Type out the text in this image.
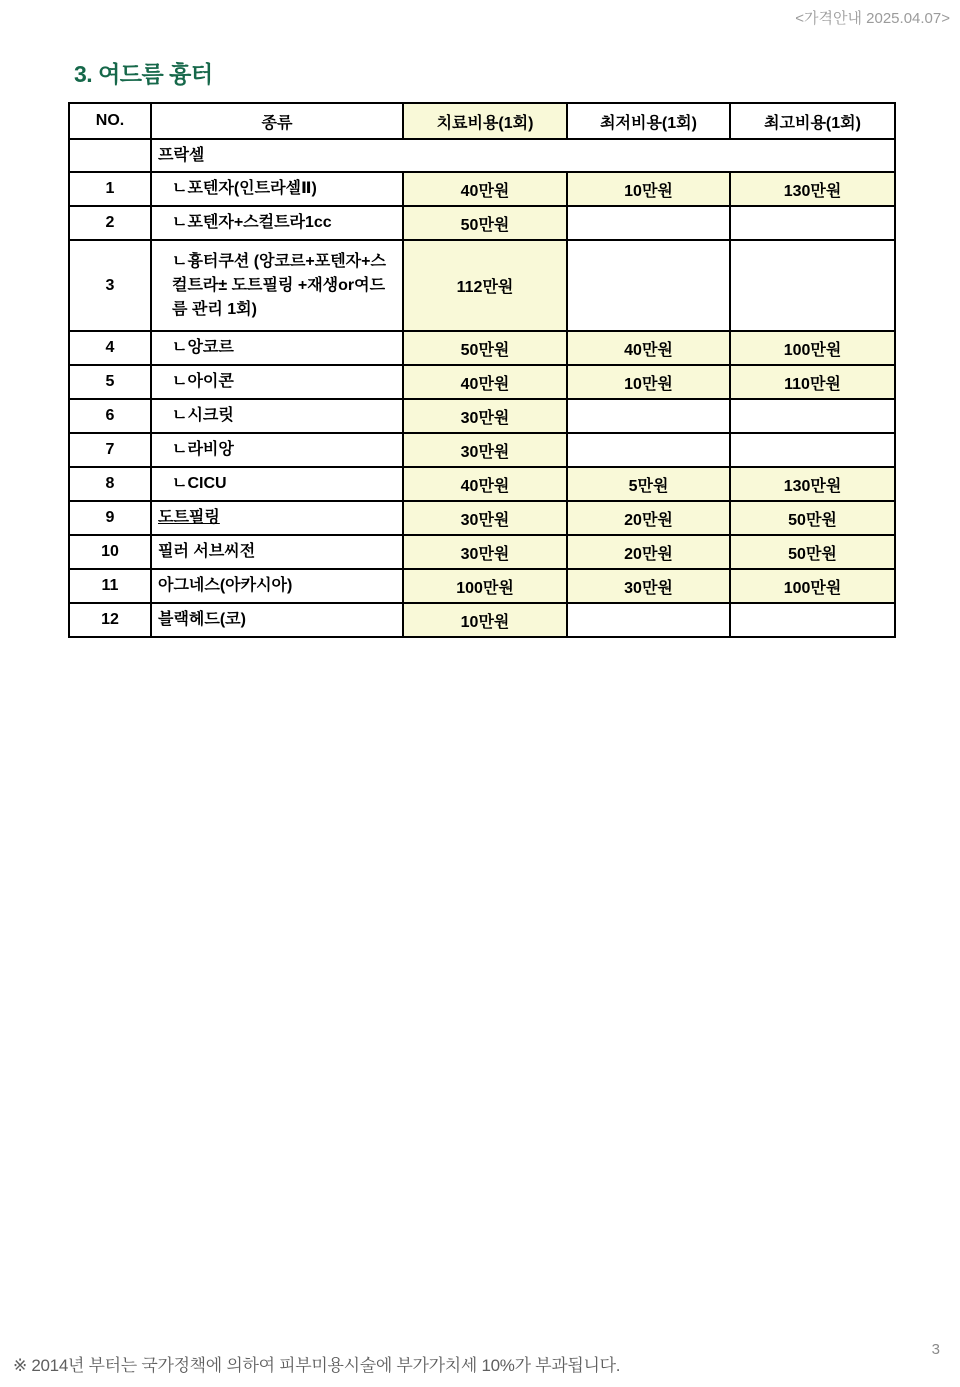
<가격안내 2025.04.07>
3. 여드름 흉터
NO.	종류	치료비용(1회)	최저비용(1회)	최고비용(1회)
	프락셀			
1	ㄴ포텐자(인트라셀Ⅱ)	40만원	10만원	130만원
2	ㄴ포텐자+스컬트라1cc	50만원		
3	ㄴ흉터쿠션 (앙코르+포텐자+스컬트라± 도트필링 +재생or여드름 관리 1회)	112만원		
4	ㄴ앙코르	50만원	40만원	100만원
5	ㄴ아이콘	40만원	10만원	110만원
6	ㄴ시크릿	30만원		
7	ㄴ라비앙	30만원		
8	ㄴCICU	40만원	5만원	130만원
9	도트필링	30만원	20만원	50만원
10	필러 서브씨전	30만원	20만원	50만원
11	아그네스(아카시아)	100만원	30만원	100만원
12	블랙헤드(코)	10만원		
※ 2014년 부터는 국가정책에 의하여 피부미용시술에 부가가치세 10%가 부과됩니다.
3
